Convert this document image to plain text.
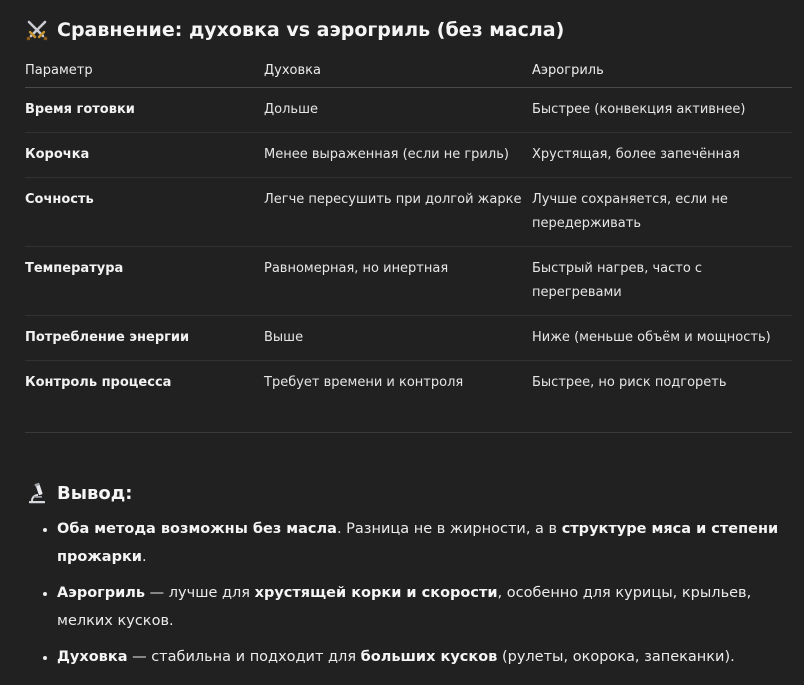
Сравнение: духовка vs аэрогриль (без масла)
Параметр	Духовка	Аэрогриль
Время готовки	Дольше	Быстрее (конвекция активнее)
Корочка	Менее выраженная (если не гриль)	Хрустящая, более запечённая
Сочность	Легче пересушить при долгой жарке	Лучше сохраняется, если не передерживать
Температура	Равномерная, но инертная	Быстрый нагрев, часто с перегревами
Потребление энергии	Выше	Ниже (меньше объём и мощность)
Контроль процесса	Требует времени и контроля	Быстрее, но риск подгореть
Вывод:
• Оба метода возможны без масла. Разница не в жирности, а в структуре мяса и степени прожарки.
• Аэрогриль — лучше для хрустящей корки и скорости, особенно для курицы, крыльев, мелких кусков.
• Духовка — стабильна и подходит для больших кусков (рулеты, окорока, запеканки).
